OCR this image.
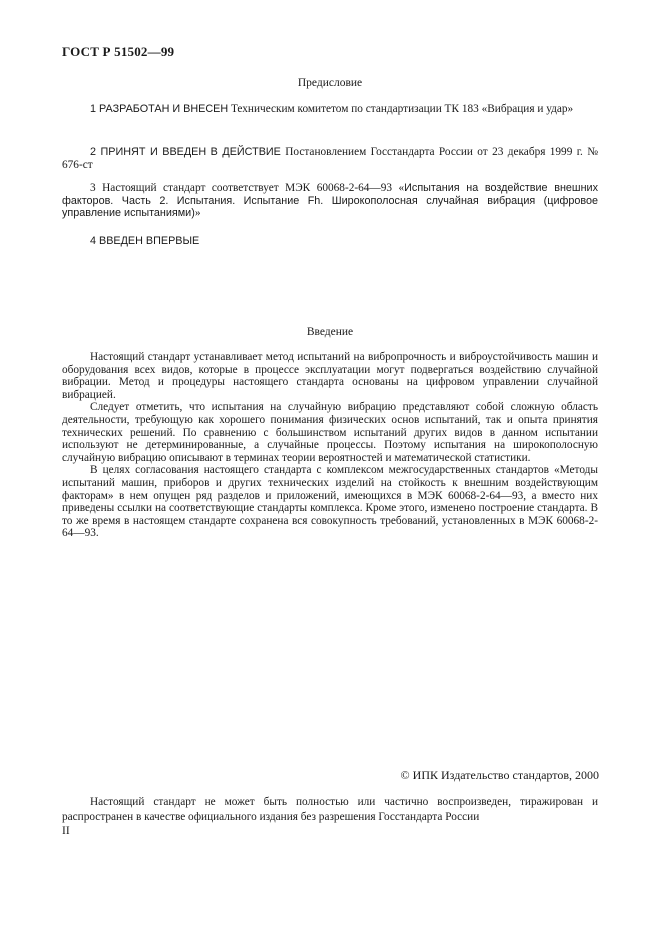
ГОСТ Р 51502—99
Предисловие
1 РАЗРАБОТАН И ВНЕСЕН Техническим комитетом по стандартизации ТК 183 «Вибрация и удар»
2 ПРИНЯТ И ВВЕДЕН В ДЕЙСТВИЕ Постановлением Госстандарта России от 23 декабря 1999 г. № 676-ст
3 Настоящий стандарт соответствует МЭК 60068-2-64—93 «Испытания на воздействие внешних факторов. Часть 2. Испытания. Испытание Fh. Широкополосная случайная вибрация (цифровое управление испытаниями)»
4 ВВЕДЕН ВПЕРВЫЕ
Введение

Настоящий стандарт устанавливает метод испытаний на вибропрочность и виброустойчивость машин и оборудования всех видов, которые в процессе эксплуатации могут подвергаться воздействию случайной вибрации. Метод и процедуры настоящего стандарта основаны на цифровом управлении случайной вибрацией.

Следует отметить, что испытания на случайную вибрацию представляют собой сложную область деятельности, требующую как хорошего понимания физических основ испытаний, так и опыта принятия технических решений. По сравнению с большинством испытаний других видов в данном испытании используют не детерминированные, а случайные процессы. Поэтому испытания на широкополосную случайную вибрацию описывают в терминах теории вероятностей и математической статистики.

В целях согласования настоящего стандарта с комплексом межгосударственных стандартов «Методы испытаний машин, приборов и других технических изделий на стойкость к внешним воздействующим факторам» в нем опущен ряд разделов и приложений, имеющихся в МЭК 60068-2-64—93, а вместо них приведены ссылки на соответствующие стандарты комплекса. Кроме этого, изменено построение стандарта. В то же время в настоящем стандарте сохранена вся совокупность требований, установленных в МЭК 60068-2-64—93.

© ИПК Издательство стандартов, 2000
Настоящий стандарт не может быть полностью или частично воспроизведен, тиражирован и распространен в качестве официального издания без разрешения Госстандарта России
II
